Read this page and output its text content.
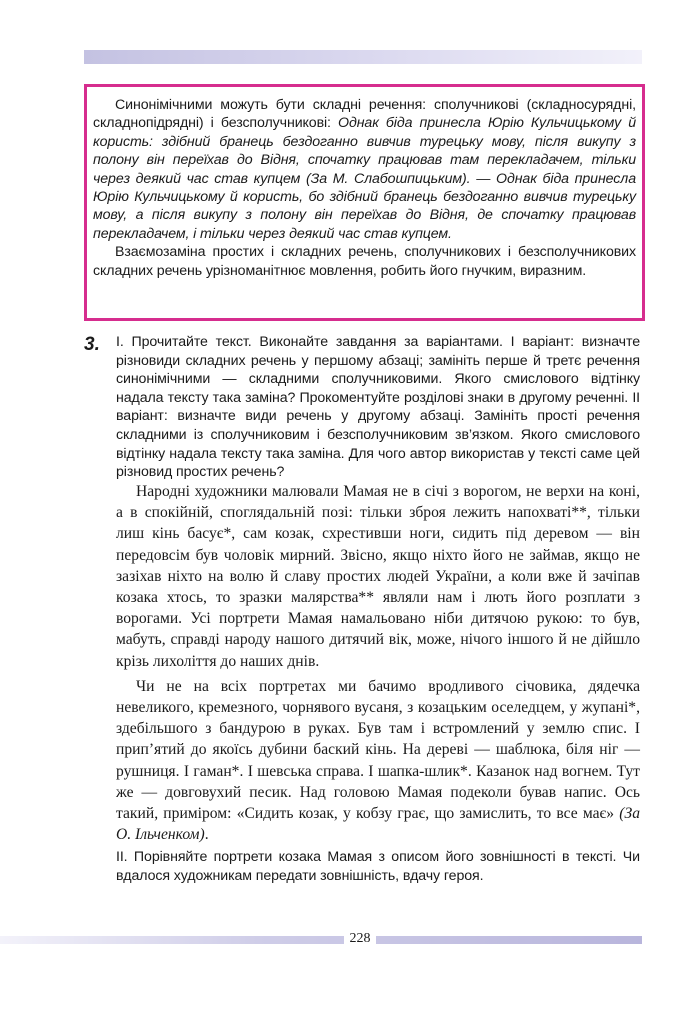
Синонімічними можуть бути складні речення: сполучникові (складносурядні, складнопідрядні) і безсполучникові: Однак біда принесла Юрію Кульчицькому й користь: здібний бранець бездоганно вивчив турецьку мову, після викупу з полону він переїхав до Відня, спочатку працював там перекладачем, тільки через деякий час став купцем (За М. Слабошпицьким). — Однак біда принесла Юрію Кульчицькому й користь, бо здібний бранець бездоганно вивчив турецьку мову, а після викупу з полону він переїхав до Відня, де спочатку працював перекладачем, і тільки через деякий час став купцем.

Взаємозаміна простих і складних речень, сполучникових і безсполучникових складних речень урізноманітнює мовлення, робить його гнучким, виразним.

3. І. Прочитайте текст. Виконайте завдання за варіантами. І варіант: визначте різновиди складних речень у першому абзаці; замініть перше й третє речення синонімічними — складними сполучниковими. Якого смислового відтінку надала тексту така заміна? Прокоментуйте розділові знаки в другому реченні. ІІ варіант: визначте види речень у другому абзаці. Замініть прості речення складними із сполучниковим і безсполучниковим зв’язком. Якого смислового відтінку надала тексту така заміна. Для чого автор використав у тексті саме цей різновид простих речень?

Народні художники малювали Мамая не в січі з ворогом, не верхи на коні, а в спокійній, споглядальній позі: тільки зброя лежить напохваті**, тільки лиш кінь басує*, сам козак, схрестивши ноги, сидить під деревом — він передовсім був чоловік мирний. Звісно, якщо ніхто його не займав, якщо не зазіхав ніхто на волю й славу простих людей України, а коли вже й зачіпав козака хтось, то зразки малярства** являли нам і лють його розплати з ворогами. Усі портрети Мамая намальовано ніби дитячою рукою: то був, мабуть, справді народу нашого дитячий вік, може, нічого іншого й не дійшло крізь лихоліття до наших днів.

Чи не на всіх портретах ми бачимо вродливого січовика, дядечка невеликого, кремезного, чорнявого вусаня, з козацьким оселедцем, у жупані*, здебільшого з бандурою в руках. Був там і встромлений у землю спис. І прип’ятий до якоїсь дубини баский кінь. На дереві — шаблюка, біля ніг — рушниця. І гаман*. І шевська справа. І шапка-шлик*. Казанок над вогнем. Тут же — довговухий песик. Над головою Мамая подеколи бував напис. Ось такий, приміром: «Сидить козак, у кобзу грає, що замислить, то все має» (За О. Ільченком).

ІІ. Порівняйте портрети козака Мамая з описом його зовнішності в тексті. Чи вдалося художникам передати зовнішність, вдачу героя.

228
